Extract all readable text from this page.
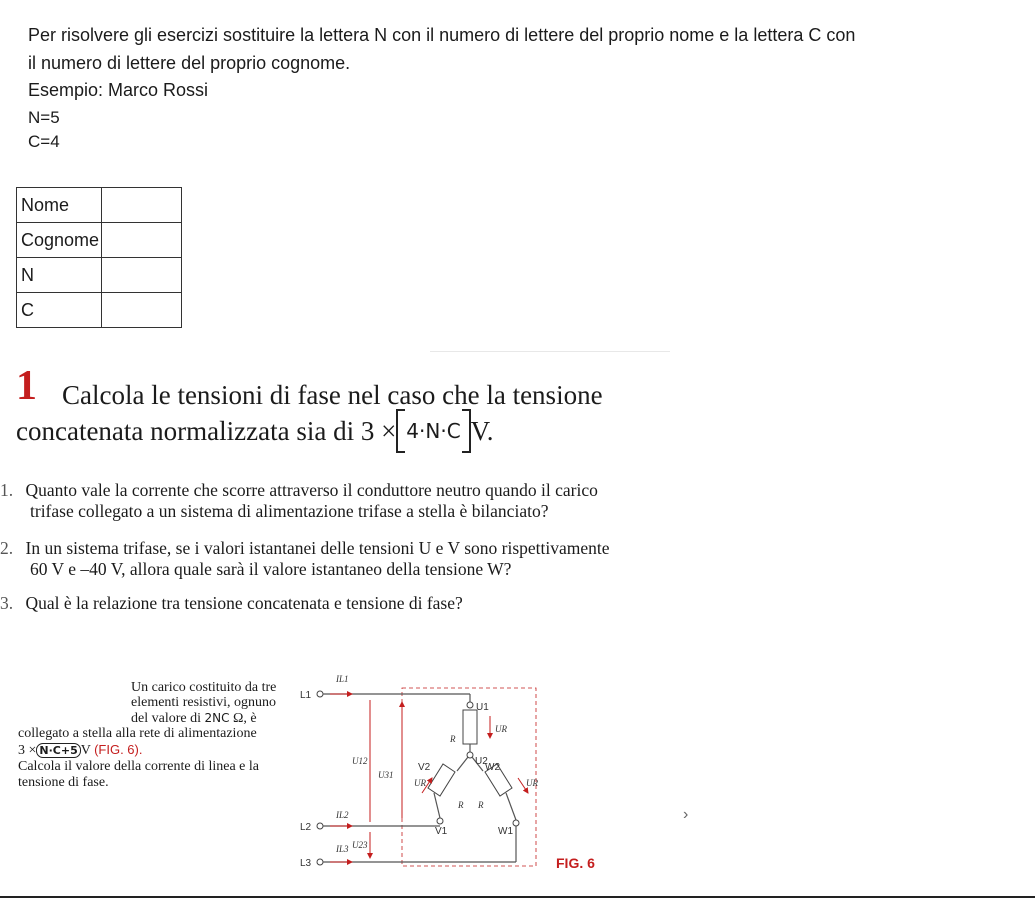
Per risolvere gli esercizi sostituire la lettera N con il numero di lettere del proprio nome e la lettera C con

il numero di lettere del proprio cognome.

Esempio: Marco Rossi

N=5

C=4

Nome	
Cognome	
N	
C	
1 Calcola le tensioni di fase nel caso che la tensione
concatenata normalizzata sia di 3 × 4·N·C V.
1. Quanto vale la corrente che scorre attraverso il conduttore neutro quando il carico
trifase collegato a un sistema di alimentazione trifase a stella è bilanciato?
2. In un sistema trifase, se i valori istantanei delle tensioni U e V sono rispettivamente
60 V e –40 V, allora quale sarà il valore istantaneo della tensione W?
3. Qual è la relazione tra tensione concatenata e tensione di fase?
Un carico costituito da tre
elementi resistivi, ognuno
del valore di 2NC Ω, è
collegato a stella alla rete di alimentazione
3 × N·C+5 V (FIG. 6).
Calcola il valore della corrente di linea e la
tensione di fase.
L1
L2
L3
U1
U2
V2	W2
V1	W1
IL1
IL2
IL3
U12
U31
U23
R
UR
R R
UR	UR
FIG. 6
›
